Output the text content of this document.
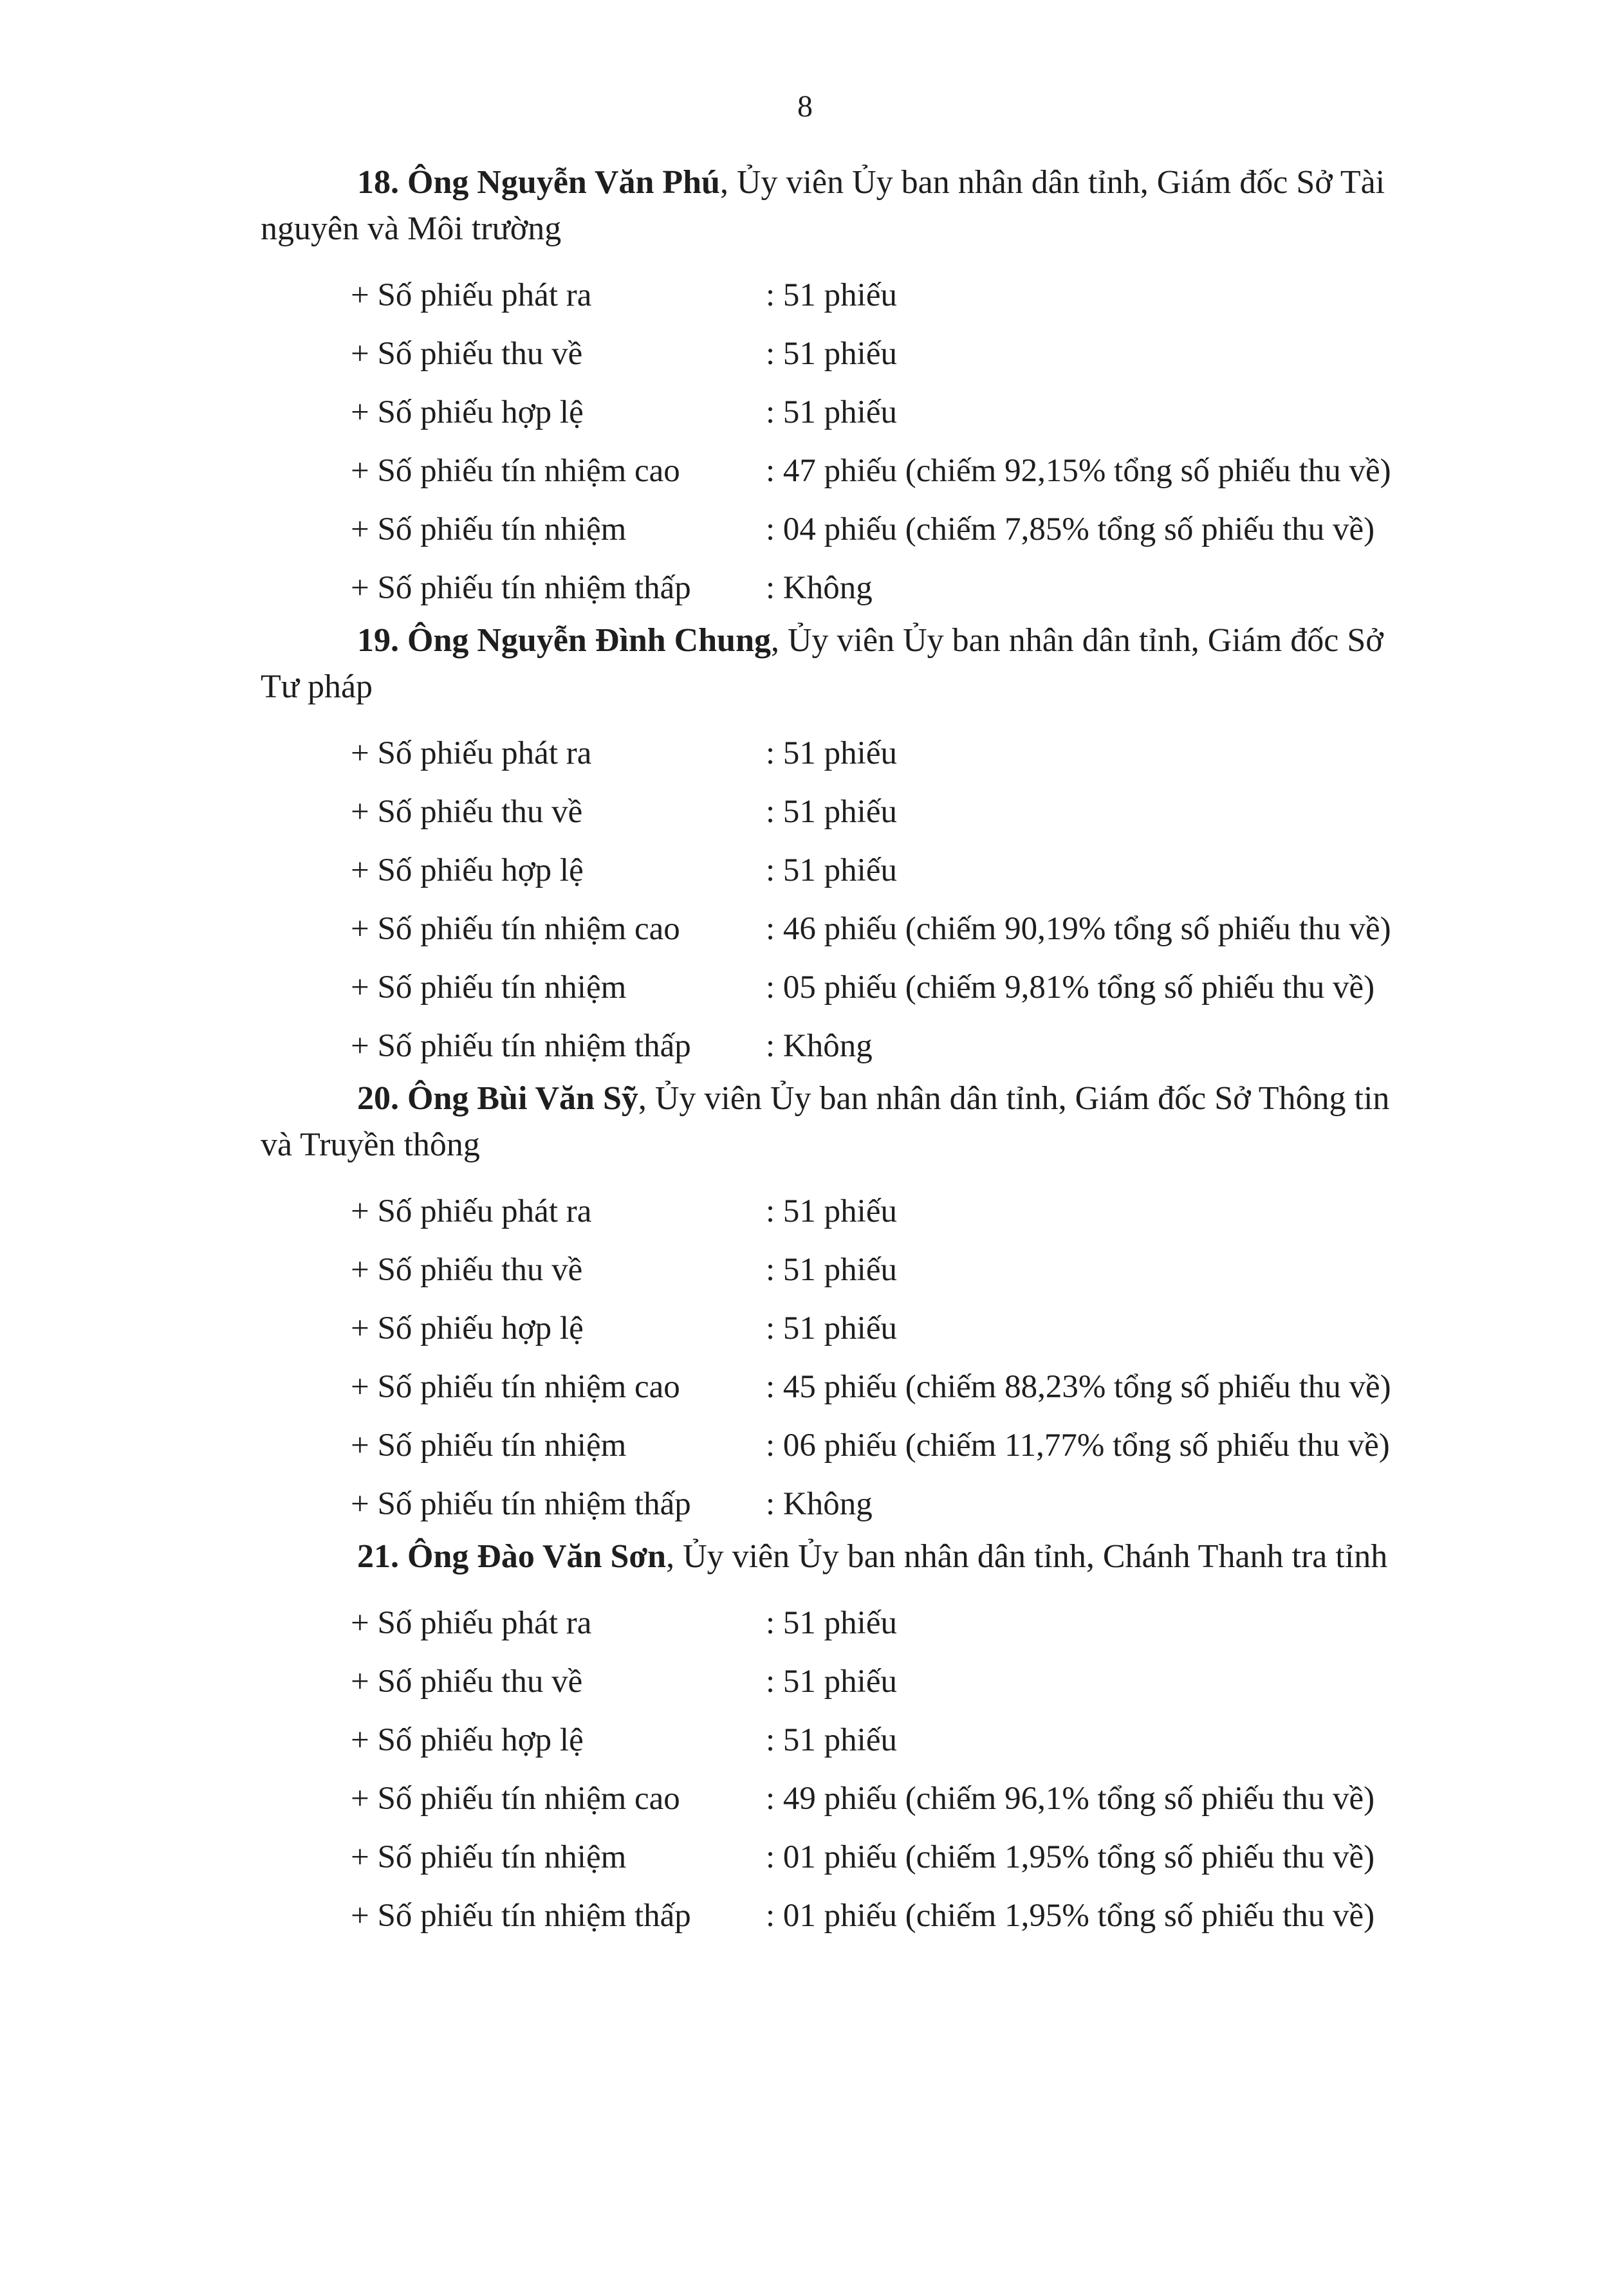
8
18. Ông Nguyễn Văn Phú, Ủy viên Ủy ban nhân dân tỉnh, Giám đốc Sở Tài
nguyên và Môi trường
+ Số phiếu phát ra	: 51 phiếu
+ Số phiếu thu về	: 51 phiếu
+ Số phiếu hợp lệ	: 51 phiếu
+ Số phiếu tín nhiệm cao	: 47 phiếu (chiếm 92,15% tổng số phiếu thu về)
+ Số phiếu tín nhiệm	: 04 phiếu (chiếm 7,85% tổng số phiếu thu về)
+ Số phiếu tín nhiệm thấp	: Không
19. Ông Nguyễn Đình Chung, Ủy viên Ủy ban nhân dân tỉnh, Giám đốc Sở
Tư pháp
+ Số phiếu phát ra	: 51 phiếu
+ Số phiếu thu về	: 51 phiếu
+ Số phiếu hợp lệ	: 51 phiếu
+ Số phiếu tín nhiệm cao	: 46 phiếu (chiếm 90,19% tổng số phiếu thu về)
+ Số phiếu tín nhiệm	: 05 phiếu (chiếm 9,81% tổng số phiếu thu về)
+ Số phiếu tín nhiệm thấp	: Không
20. Ông Bùi Văn Sỹ, Ủy viên Ủy ban nhân dân tỉnh, Giám đốc Sở Thông tin
và Truyền thông
+ Số phiếu phát ra	: 51 phiếu
+ Số phiếu thu về	: 51 phiếu
+ Số phiếu hợp lệ	: 51 phiếu
+ Số phiếu tín nhiệm cao	: 45 phiếu (chiếm 88,23% tổng số phiếu thu về)
+ Số phiếu tín nhiệm	: 06 phiếu (chiếm 11,77% tổng số phiếu thu về)
+ Số phiếu tín nhiệm thấp	: Không
21. Ông Đào Văn Sơn, Ủy viên Ủy ban nhân dân tỉnh, Chánh Thanh tra tỉnh
+ Số phiếu phát ra	: 51 phiếu
+ Số phiếu thu về	: 51 phiếu
+ Số phiếu hợp lệ	: 51 phiếu
+ Số phiếu tín nhiệm cao	: 49 phiếu (chiếm 96,1% tổng số phiếu thu về)
+ Số phiếu tín nhiệm	: 01 phiếu (chiếm 1,95% tổng số phiếu thu về)
+ Số phiếu tín nhiệm thấp	: 01 phiếu (chiếm 1,95% tổng số phiếu thu về)
